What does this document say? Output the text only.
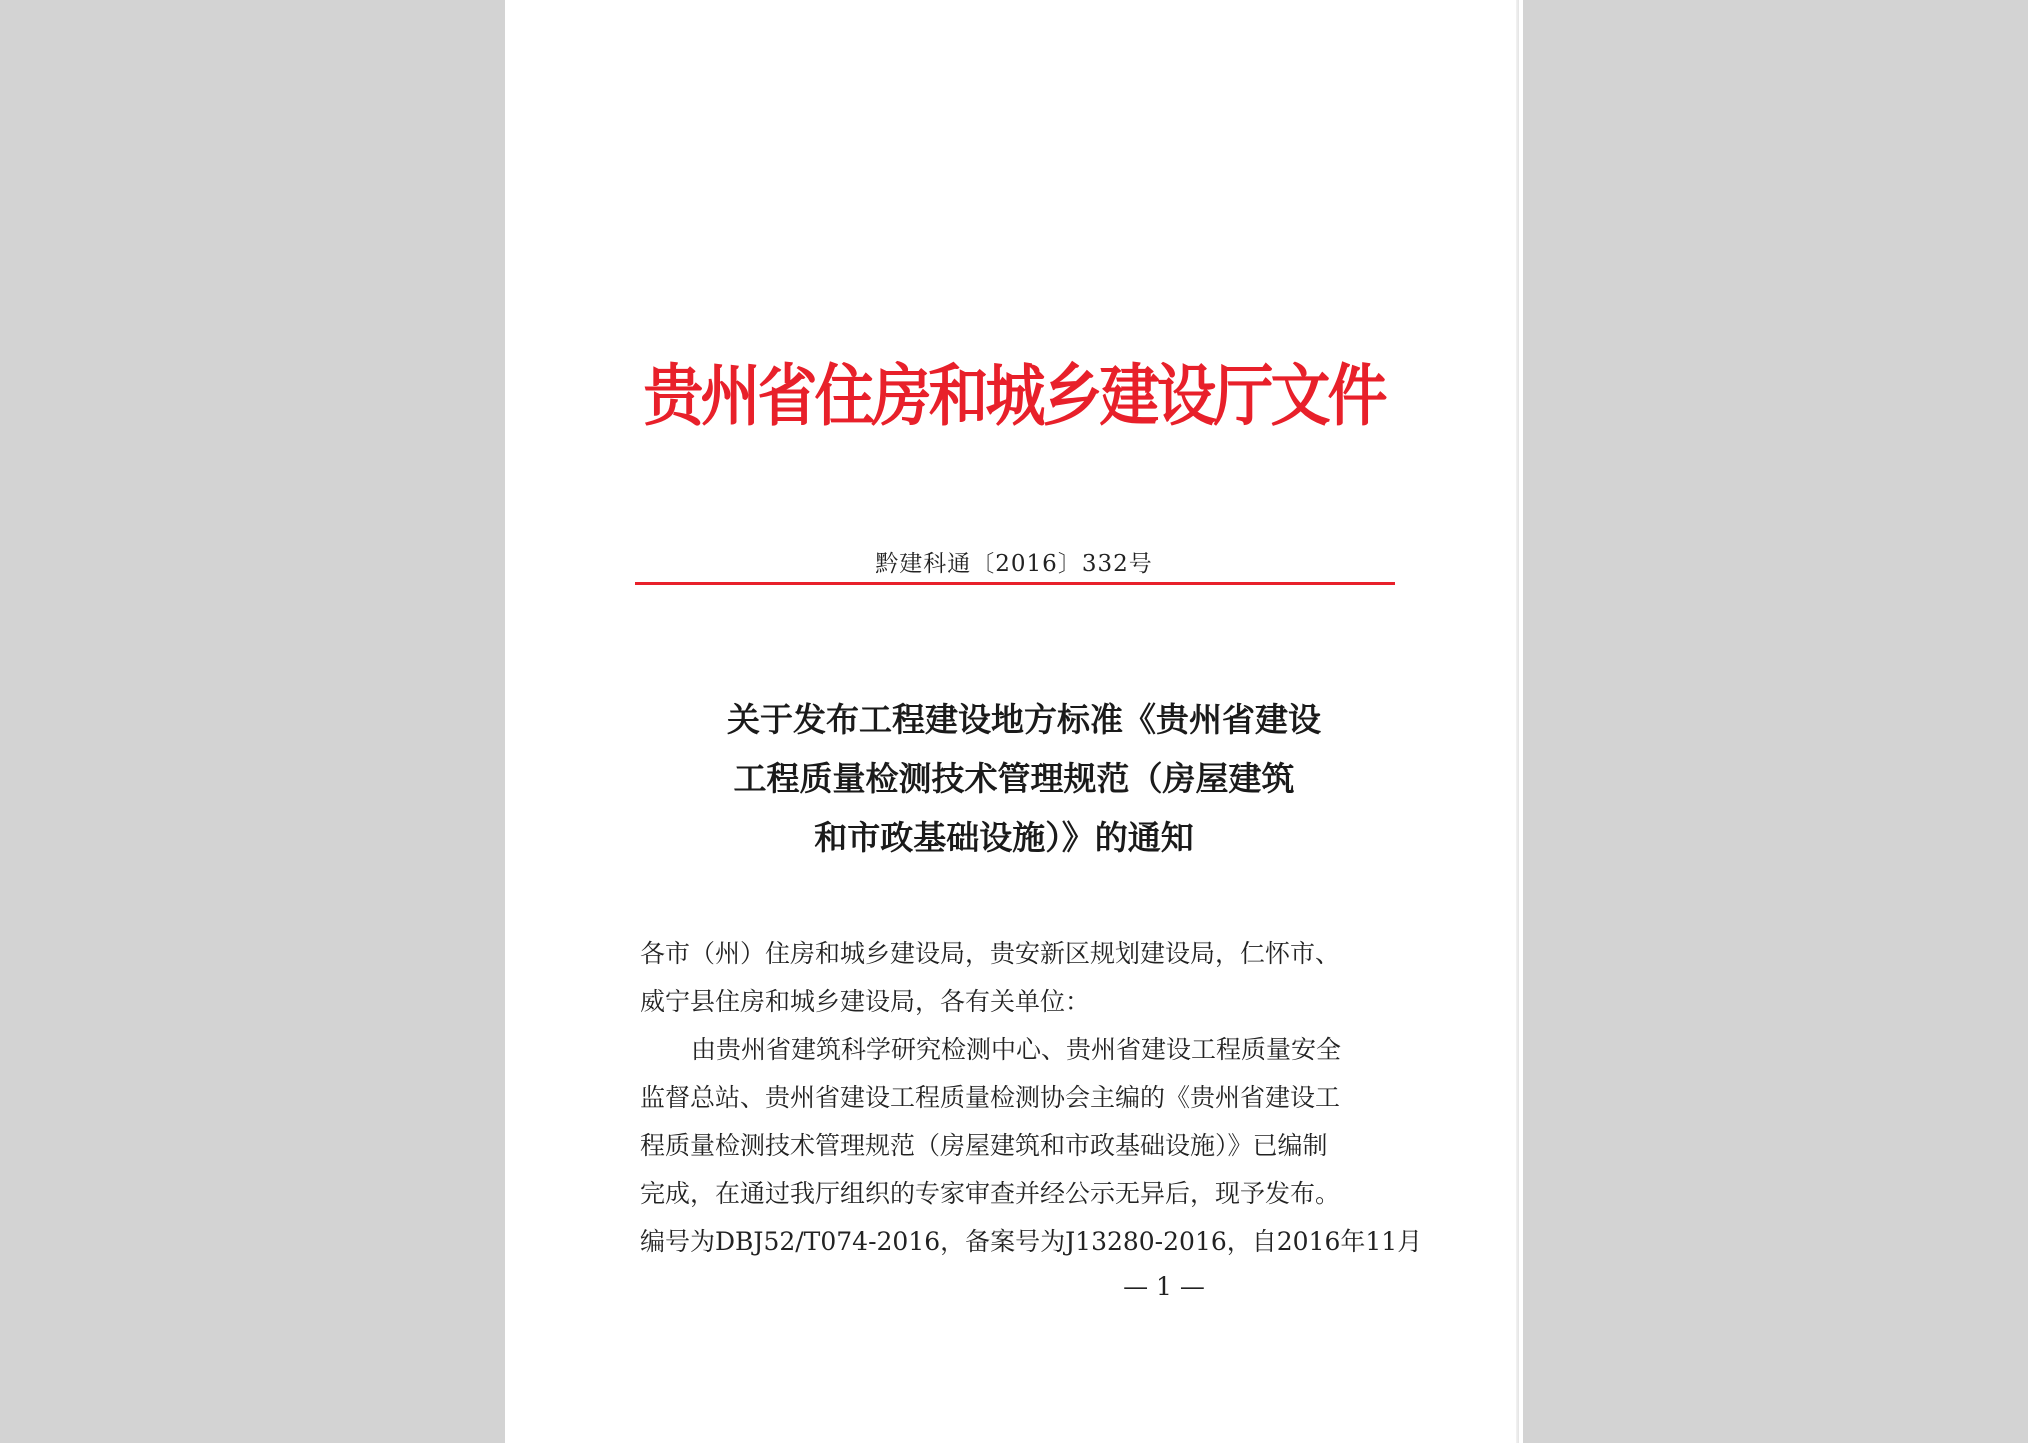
贵州省住房和城乡建设厅文件
黔建科通〔2016〕332号
关于发布工程建设地方标准《贵州省建设
工程质量检测技术管理规范（房屋建筑
和市政基础设施）》的通知
各市（州）住房和城乡建设局，贵安新区规划建设局，仁怀市、
威宁县住房和城乡建设局，各有关单位：
由贵州省建筑科学研究检测中心、贵州省建设工程质量安全
监督总站、贵州省建设工程质量检测协会主编的《贵州省建设工
程质量检测技术管理规范（房屋建筑和市政基础设施）》已编制
完成，在通过我厅组织的专家审查并经公示无异后，现予发布。
编号为DBJ52/T074-2016，备案号为J13280-2016，自2016年11月
— 1 —
